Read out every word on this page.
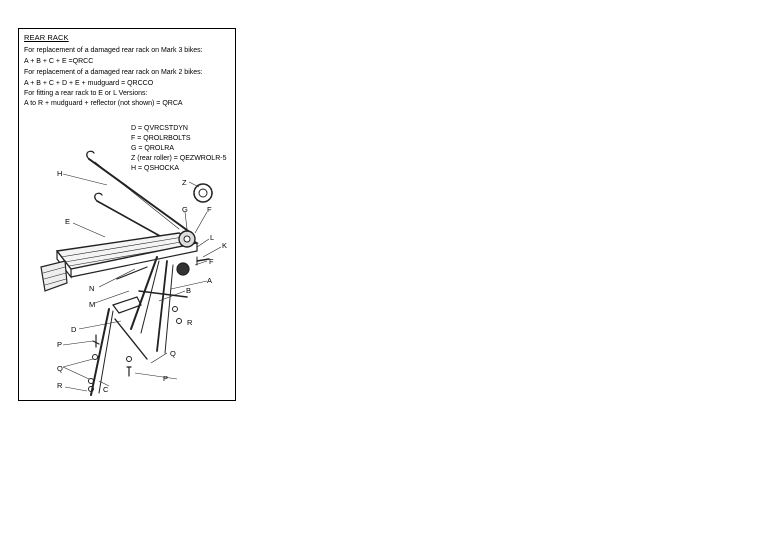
REAR RACK
For replacement of a damaged rear rack on Mark 3 bikes:
A + B + C + E =QRCC
For replacement of a damaged rear rack on Mark 2 bikes:
A + B + C + D + E + mudguard = QRCCO
For fitting a rear rack to E or L Versions:
A to R + mudguard + reflector (not shown) = QRCA
D = QVRCSTDYN
F = QROLRBOLTS
G = QROLRA
Z (rear roller) = QEZWROLR-5
H = QSHOCKA
H
Z
E
G	F
L
K
F
A
N	B
M
R
D
P
Q
Q
P
R	C
